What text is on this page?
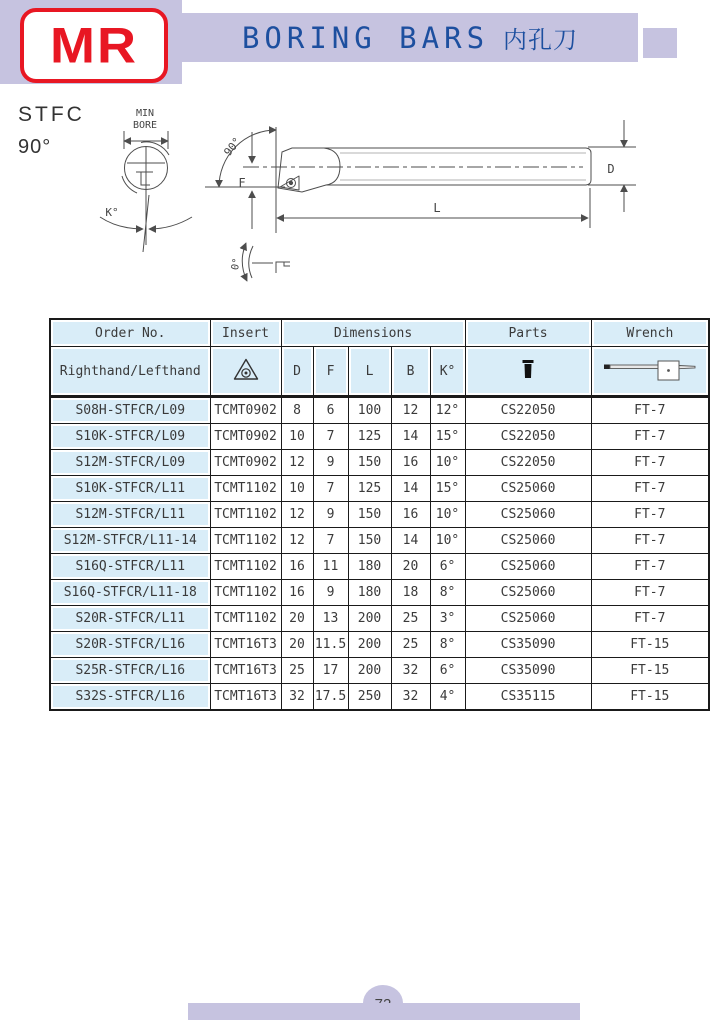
MR	BORING BARS 内孔刀
STFC
90°
MIN
BORE
K°
90°
F
L
D
0°
Order No.	Insert	Dimensions					Parts	Wrench
Righthand/Lefthand		D	F	L	B	K°		
S08H-STFCR/L09	TCMT0902	8	6	100	12	12°	CS22050	FT-7
S10K-STFCR/L09	TCMT0902	10	7	125	14	15°	CS22050	FT-7
S12M-STFCR/L09	TCMT0902	12	9	150	16	10°	CS22050	FT-7
S10K-STFCR/L11	TCMT1102	10	7	125	14	15°	CS25060	FT-7
S12M-STFCR/L11	TCMT1102	12	9	150	16	10°	CS25060	FT-7
S12M-STFCR/L11-14	TCMT1102	12	7	150	14	10°	CS25060	FT-7
S16Q-STFCR/L11	TCMT1102	16	11	180	20	6°	CS25060	FT-7
S16Q-STFCR/L11-18	TCMT1102	16	9	180	18	8°	CS25060	FT-7
S20R-STFCR/L11	TCMT1102	20	13	200	25	3°	CS25060	FT-7
S20R-STFCR/L16	TCMT16T3	20	11.5	200	25	8°	CS35090	FT-15
S25R-STFCR/L16	TCMT16T3	25	17	200	32	6°	CS35090	FT-15
S32S-STFCR/L16	TCMT16T3	32	17.5	250	32	4°	CS35115	FT-15
